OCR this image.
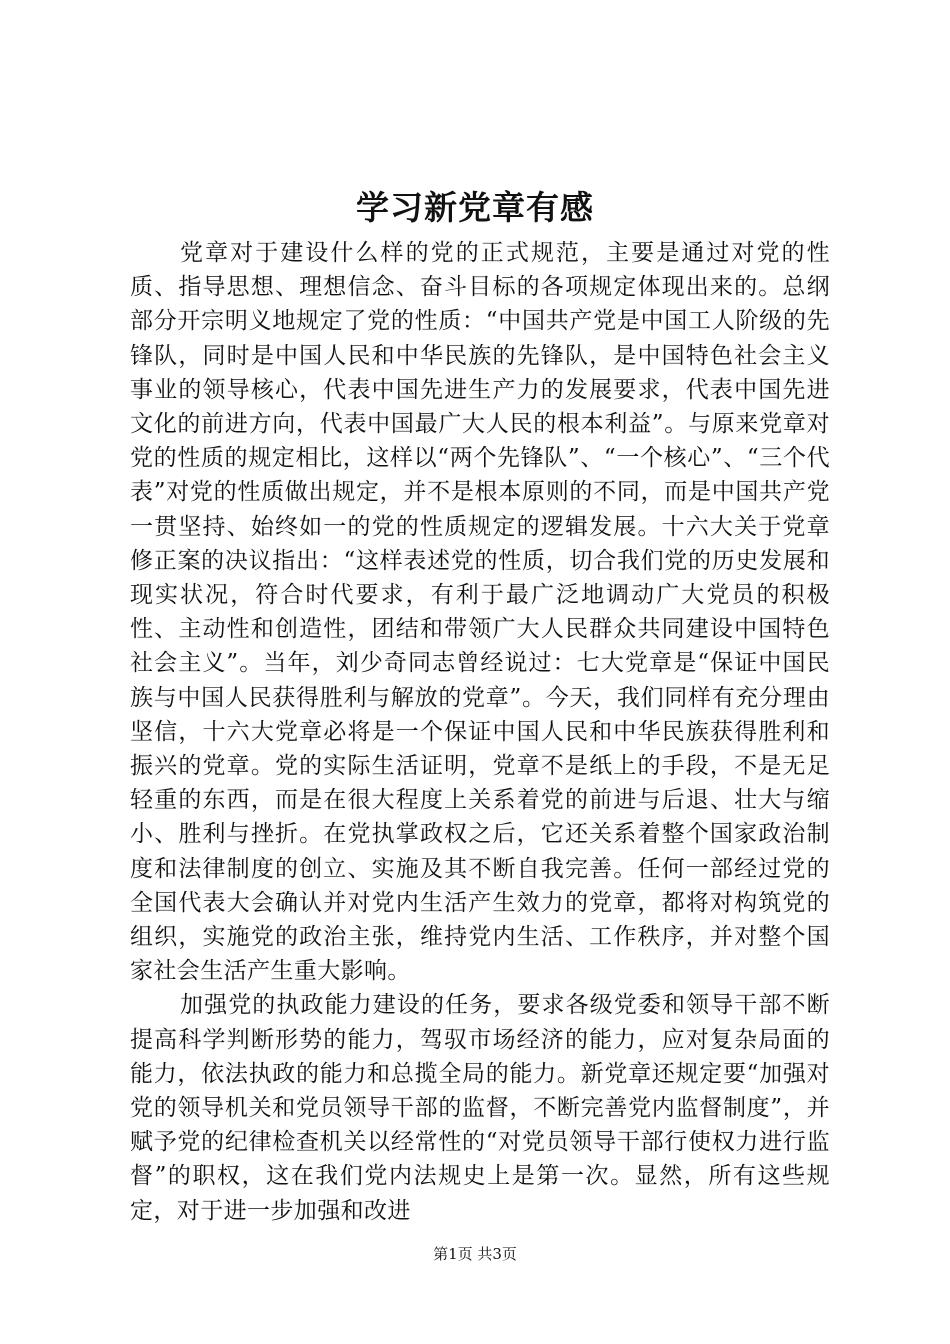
学习新党章有感

党章对于建设什么样的党的正式规范，主要是通过对党的性质、指导思想、理想信念、奋斗目标的各项规定体现出来的。总纲部分开宗明义地规定了党的性质：“中国共产党是中国工人阶级的先锋队，同时是中国人民和中华民族的先锋队，是中国特色社会主义事业的领导核心，代表中国先进生产力的发展要求，代表中国先进文化的前进方向，代表中国最广大人民的根本利益”。与原来党章对党的性质的规定相比，这样以“两个先锋队”、“一个核心”、“三个代表”对党的性质做出规定，并不是根本原则的不同，而是中国共产党一贯坚持、始终如一的党的性质规定的逻辑发展。十六大关于党章修正案的决议指出：“这样表述党的性质，切合我们党的历史发展和现实状况，符合时代要求，有利于最广泛地调动广大党员的积极性、主动性和创造性，团结和带领广大人民群众共同建设中国特色社会主义”。当年，刘少奇同志曾经说过：七大党章是“保证中国民族与中国人民获得胜利与解放的党章”。今天，我们同样有充分理由坚信，十六大党章必将是一个保证中国人民和中华民族获得胜利和振兴的党章。党的实际生活证明，党章不是纸上的手段，不是无足轻重的东西，而是在很大程度上关系着党的前进与后退、壮大与缩小、胜利与挫折。在党执掌政权之后，它还关系着整个国家政治制度和法律制度的创立、实施及其不断自我完善。任何一部经过党的全国代表大会确认并对党内生活产生效力的党章，都将对构筑党的组织，实施党的政治主张，维持党内生活、工作秩序，并对整个国家社会生活产生重大影响。

加强党的执政能力建设的任务，要求各级党委和领导干部不断提高科学判断形势的能力，驾驭市场经济的能力，应对复杂局面的能力，依法执政的能力和总揽全局的能力。新党章还规定要“加强对党的领导机关和党员领导干部的监督，不断完善党内监督制度”，并赋予党的纪律检查机关以经常性的“对党员领导干部行使权力进行监督”的职权，这在我们党内法规史上是第一次。显然，所有这些规定，对于进一步加强和改进

第1页 共3页
